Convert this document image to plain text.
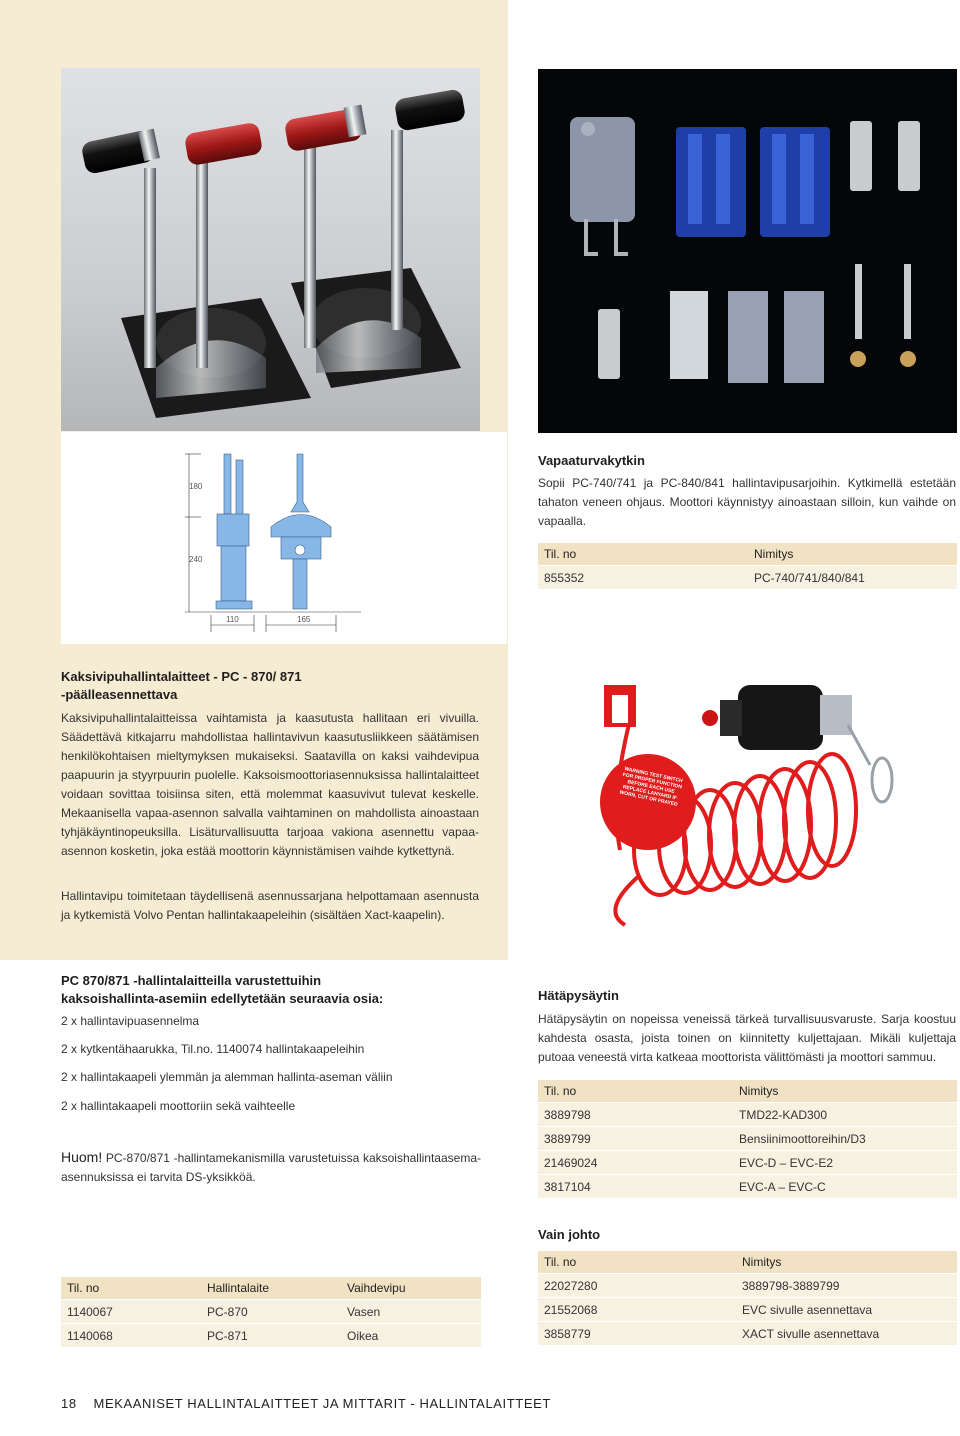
180
240
110	165
WARNING TEST SWITCH FOR PROPER FUNCTION BEFORE EACH USE REPLACE LANYARD IF WORN, CUT OR FRAYED
Kaksivipuhallintalaitteet - PC - 870/ 871
-päälleasennettava
Kaksivipuhallintalaitteissa vaihtamista ja kaasutusta hallitaan eri vivuilla. Säädettävä kitkajarru mahdollistaa hallintavivun kaasutusliikkeen säätämisen henkilökohtaisen mieltymyksen mukaiseksi. Saatavilla on kaksi vaihdevipua paapuurin ja styyrpuurin puolelle. Kaksoismoottoriasennuksissa hallintalaitteet voidaan sovittaa toisiinsa siten, että molemmat kaasuvivut tulevat keskelle. Mekaanisella vapaa-asennon salvalla vaihtaminen on mahdollista ainoastaan tyhjäkäyntinopeuksilla. Lisäturvallisuutta tarjoaa vakiona asennettu vapaa-asennon kosketin, joka estää moottorin käynnistämisen vaihde kytkettynä.
Hallintavipu toimitetaan täydellisenä asennussarjana helpottamaan asennusta ja kytkemistä Volvo Pentan hallintakaapeleihin (sisältäen Xact-kaapelin).
PC 870/871 -hallintalaitteilla varustettuihin
kaksoishallinta-asemiin edellytetään seuraavia osia:
2 x hallintavipuasennelma
2 x kytkentähaarukka, Til.no. 1140074 hallintakaapeleihin
2 x hallintakaapeli ylemmän ja alemman hallinta-aseman väliin
2 x hallintakaapeli moottoriin sekä vaihteelle
Huom! PC-870/871 -hallintamekanismilla varustetuissa kaksoishallintaasema-asennuksissa ei tarvita DS-yksikköä.
Til. no	Hallintalaite	Vaihdevipu
1140067	PC-870	Vasen
1140068	PC-871	Oikea
Vapaaturvakytkin
Sopii PC-740/741 ja PC-840/841 hallintavipusarjoihin. Kytkimellä estetään tahaton veneen ohjaus. Moottori käynnistyy ainoastaan silloin, kun vaihde on vapaalla.
Til. no	Nimitys
855352	PC-740/741/840/841
Hätäpysäytin
Hätäpysäytin on nopeissa veneissä tärkeä turvallisuusvaruste. Sarja koostuu kahdesta osasta, joista toinen on kiinnitetty kuljettajaan. Mikäli kuljettaja putoaa veneestä virta katkeaa moottorista välittömästi ja moottori sammuu.
Til. no	Nimitys
3889798	TMD22-KAD300
3889799	Bensiinimoottoreihin/D3
21469024	EVC-D – EVC-E2
3817104	EVC-A – EVC-C
Vain johto
Til. no	Nimitys
22027280	3889798-3889799
21552068	EVC sivulle asennettava
3858779	XACT sivulle asennettava
18 MEKAANISET HALLINTALAITTEET JA MITTARIT - HALLINTALAITTEET
